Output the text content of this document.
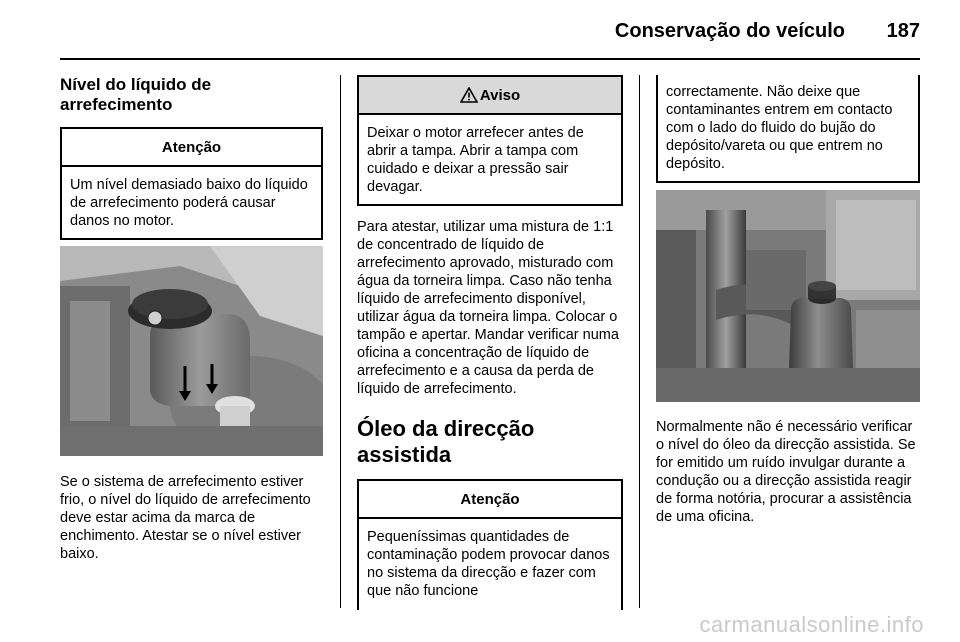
Conservação do veículo 187
Nível do líquido de
arrefecimento
Atenção
Um nível demasiado baixo do líquido de arrefecimento poderá causar danos no motor.

Se o sistema de arrefecimento estiver frio, o nível do líquido de arrefecimento deve estar acima da marca de enchimento. Atestar se o nível estiver baixo.

Aviso
Deixar o motor arrefecer antes de abrir a tampa. Abrir a tampa com cuidado e deixar a pressão sair devagar.

Para atestar, utilizar uma mistura de 1:1 de concentrado de líquido de arrefecimento aprovado, misturado com água da torneira limpa. Caso não tenha líquido de arrefecimento disponível, utilizar água da torneira limpa. Colocar o tampão e apertar. Mandar verificar numa oficina a concentração de líquido de arrefecimento e a causa da perda de líquido de arrefecimento.

Óleo da direcção assistida
Atenção
Pequeníssimas quantidades de contaminação podem provocar danos no sistema da direcção e fazer com que não funcione
correctamente. Não deixe que contaminantes entrem em contacto com o lado do fluido do bujão do depósito/vareta ou que entrem no depósito.

Normalmente não é necessário verificar o nível do óleo da direcção assistida. Se for emitido um ruído invulgar durante a condução ou a direcção assistida reagir de forma notória, procurar a assistência de uma oficina.

carmanualsonline.info
